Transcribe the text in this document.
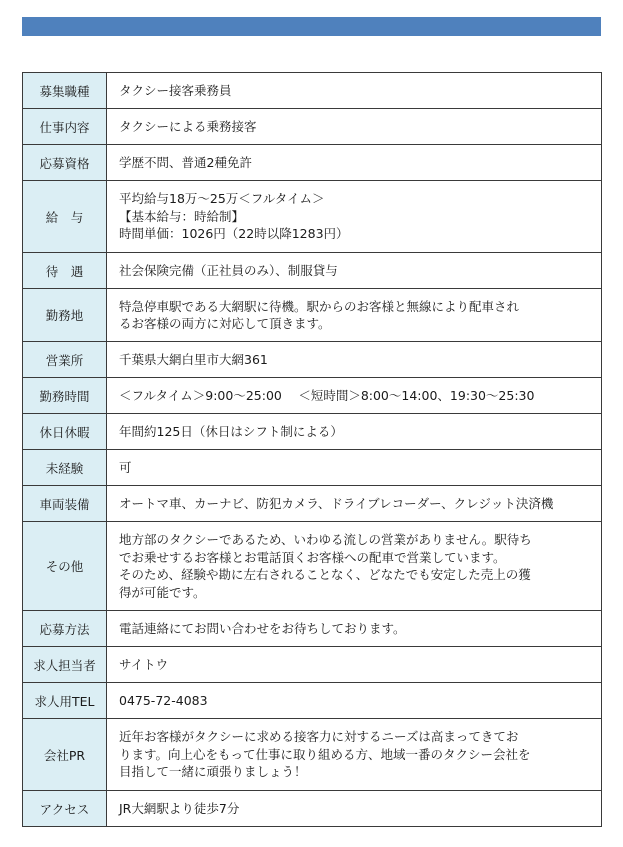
募集職種	タクシー接客乗務員

仕事内容	タクシーによる乗務接客

応募資格	学歴不問、普通2種免許

給　与	平均給与18万～25万＜フルタイム＞
【基本給与：時給制】
時間単価：1026円（22時以降1283円）

待　遇	社会保険完備（正社員のみ）、制服貸与

勤務地	特急停車駅である大網駅に待機。駅からのお客様と無線により配車され
るお客様の両方に対応して頂きます。

営業所	千葉県大網白里市大網361

勤務時間	＜フルタイム＞9:00～25:00　 ＜短時間＞8:00～14:00、19:30～25:30

休日休暇	年間約125日（休日はシフト制による）

未経験	可

車両装備	オートマ車、カーナビ、防犯カメラ、ドライブレコーダー、クレジット決済機

その他	地方部のタクシーであるため、いわゆる流しの営業がありません。駅待ち
でお乗せするお客様とお電話頂くお客様への配車で営業しています。
そのため、経験や勘に左右されることなく、どなたでも安定した売上の獲
得が可能です。

応募方法	電話連絡にてお問い合わせをお待ちしております。

求人担当者	サイトウ

求人用TEL	0475-72-4083

会社PR	近年お客様がタクシーに求める接客力に対するニーズは高まってきてお
ります。向上心をもって仕事に取り組める方、地域一番のタクシー会社を
目指して一緒に頑張りましょう！

アクセス	JR大網駅より徒歩7分
